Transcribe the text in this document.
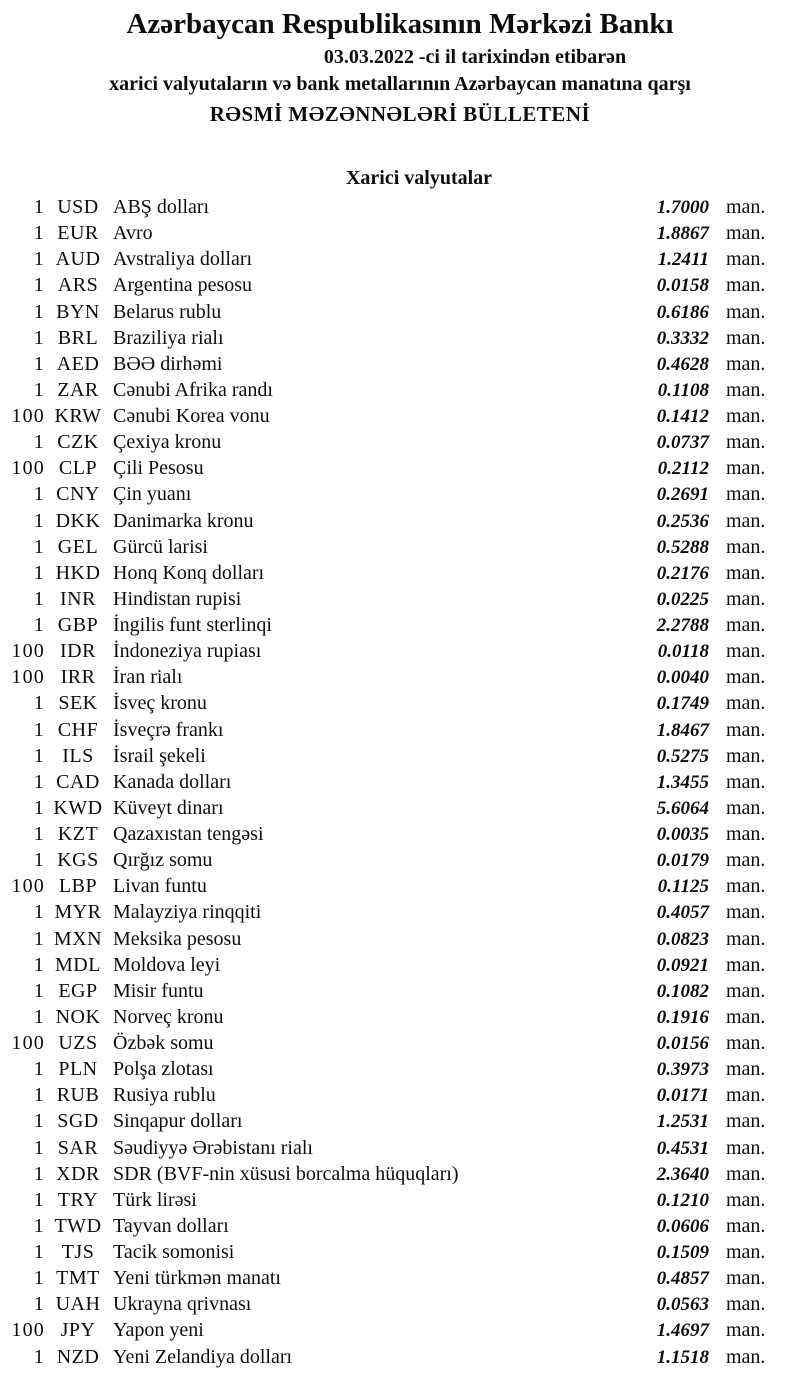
Azərbaycan Respublikasının Mərkəzi Bankı
03.03.2022 -ci il tarixindən etibarən
xarici valyutaların və bank metallarının Azərbaycan manatına qarşı
RƏSMİ MƏZƏNNƏLƏRİ BÜLLETENİ
Xarici valyutalar
1 USD ABŞ dolları	1.7000 man.
1 EUR Avro	1.8867 man.
1 AUD Avstraliya dolları	1.2411 man.
1 ARS Argentina pesosu	0.0158 man.
1 BYN Belarus rublu	0.6186 man.
1 BRL Braziliya rialı	0.3332 man.
1 AED BƏƏ dirhəmi	0.4628 man.
1 ZAR Cənubi Afrika randı	0.1108 man.
100 KRW Cənubi Korea vonu	0.1412 man.
1 CZK Çexiya kronu	0.0737 man.
100 CLP Çili Pesosu	0.2112 man.
1 CNY Çin yuanı	0.2691 man.
1 DKK Danimarka kronu	0.2536 man.
1 GEL Gürcü larisi	0.5288 man.
1 HKD Honq Konq dolları	0.2176 man.
1 INR Hindistan rupisi	0.0225 man.
1 GBP İngilis funt sterlinqi	2.2788 man.
100 IDR İndoneziya rupiası	0.0118 man.
100 IRR İran rialı	0.0040 man.
1 SEK İsveç kronu	0.1749 man.
1 CHF İsveçrə frankı	1.8467 man.
1 ILS İsrail şekeli	0.5275 man.
1 CAD Kanada dolları	1.3455 man.
1 KWD Küveyt dinarı	5.6064 man.
1 KZT Qazaxıstan tengəsi	0.0035 man.
1 KGS Qırğız somu	0.0179 man.
100 LBP Livan funtu	0.1125 man.
1 MYR Malayziya rinqqiti	0.4057 man.
1 MXN Meksika pesosu	0.0823 man.
1 MDL Moldova leyi	0.0921 man.
1 EGP Misir funtu	0.1082 man.
1 NOK Norveç kronu	0.1916 man.
100 UZS Özbək somu	0.0156 man.
1 PLN Polşa zlotası	0.3973 man.
1 RUB Rusiya rublu	0.0171 man.
1 SGD Sinqapur dolları	1.2531 man.
1 SAR Səudiyyə Ərəbistanı rialı	0.4531 man.
1 XDR SDR (BVF-nin xüsusi borcalma hüquqları)	2.3640 man.
1 TRY Türk lirəsi	0.1210 man.
1 TWD Tayvan dolları	0.0606 man.
1 TJS Tacik somonisi	0.1509 man.
1 TMT Yeni türkmən manatı	0.4857 man.
1 UAH Ukrayna qrivnası	0.0563 man.
100 JPY Yapon yeni	1.4697 man.
1 NZD Yeni Zelandiya dolları	1.1518 man.
